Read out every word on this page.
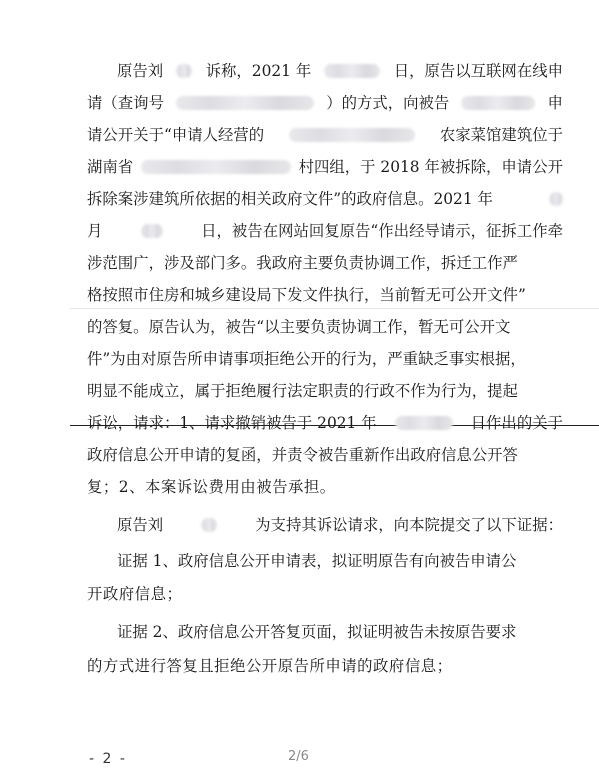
原告刘	诉称，2021 年	日，原告以互联网在线申
请（查询号	）的方式，向被告	申
请公开关于“申请人经营的	农家菜馆建筑位于
湖南省	村四组，于 2018 年被拆除，申请公开
拆除案涉建筑所依据的相关政府文件”的政府信息。2021 年
月	日，被告在网站回复原告“作出经导请示，征拆工作牵
涉范围广，涉及部门多。我政府主要负责协调工作，拆迁工作严
格按照市住房和城乡建设局下发文件执行，当前暂无可公开文件”
的答复。原告认为，被告“以主要负责协调工作，暂无可公开文
件”为由对原告所申请事项拒绝公开的行为，严重缺乏事实根据，
明显不能成立，属于拒绝履行法定职责的行政不作为行为，提起
诉讼，请求：1、请求撤销被告于 2021 年	日作出的关于
政府信息公开申请的复函，并责令被告重新作出政府信息公开答
复；2、本案诉讼费用由被告承担。
原告刘	为支持其诉讼请求，向本院提交了以下证据：
证据 1、政府信息公开申请表，拟证明原告有向被告申请公
开政府信息；
证据 2、政府信息公开答复页面，拟证明被告未按原告要求
的方式进行答复且拒绝公开原告所申请的政府信息；
- 2 -	2/6
